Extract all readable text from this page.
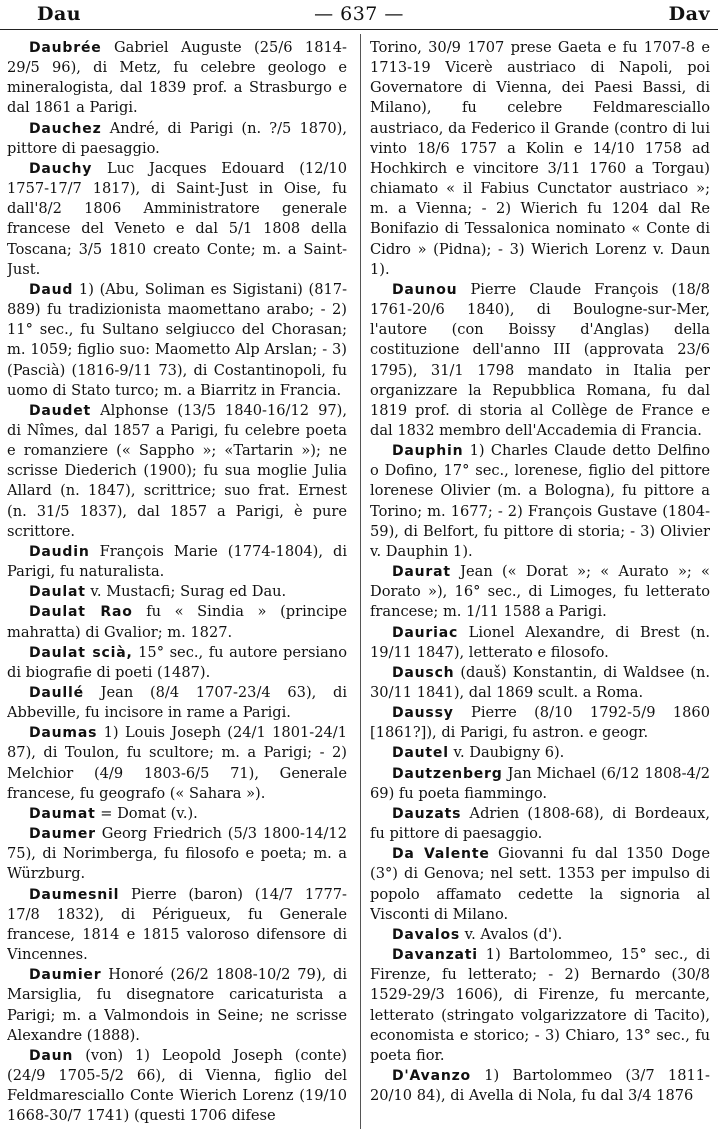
Dau	— 637 —	Dav

Daubrée Gabriel Auguste (25/6 1814-29/5 96), di Metz, fu celebre geologo e mineralogista, dal 1839 prof. a Strasburgo e dal 1861 a Parigi.

Dauchez André, di Parigi (n. ?/5 1870), pittore di paesaggio.

Dauchy Luc Jacques Edouard (12/10 1757-17/7 1817), di Saint-Just in Oise, fu dall'8/2 1806 Amministratore generale francese del Veneto e dal 5/1 1808 della Toscana; 3/5 1810 creato Conte; m. a Saint-Just.

Daud 1) (Abu, Soliman es Sigistani) (817-889) fu tradizionista maomettano arabo; - 2) 11° sec., fu Sultano selgiucco del Chorasan; m. 1059; figlio suo: Maometto Alp Arslan; - 3) (Pascià) (1816-9/11 73), di Costantinopoli, fu uomo di Stato turco; m. a Biarritz in Francia.

Daudet Alphonse (13/5 1840-16/12 97), di Nîmes, dal 1857 a Parigi, fu celebre poeta e romanziere (« Sappho »; «Tartarin »); ne scrisse Diederich (1900); fu sua moglie Julia Allard (n. 1847), scrittrice; suo frat. Ernest (n. 31/5 1837), dal 1857 a Parigi, è pure scrittore.

Daudin François Marie (1774-1804), di Parigi, fu naturalista.

Daulat v. Mustacfi; Surag ed Dau.

Daulat Rao fu « Sindia » (principe mahratta) di Gvalior; m. 1827.

Daulat scià, 15° sec., fu autore persiano di biografie di poeti (1487).

Daullé Jean (8/4 1707-23/4 63), di Abbeville, fu incisore in rame a Parigi.

Daumas 1) Louis Joseph (24/1 1801-24/1 87), di Toulon, fu scultore; m. a Parigi; - 2) Melchior (4/9 1803-6/5 71), Generale francese, fu geografo (« Sahara »).

Daumat = Domat (v.).

Daumer Georg Friedrich (5/3 1800-14/12 75), di Norimberga, fu filosofo e poeta; m. a Würzburg.

Daumesnil Pierre (baron) (14/7 1777-17/8 1832), di Périgueux, fu Generale francese, 1814 e 1815 valoroso difensore di Vincennes.

Daumier Honoré (26/2 1808-10/2 79), di Marsiglia, fu disegnatore caricaturista a Parigi; m. a Valmondois in Seine; ne scrisse Alexandre (1888).

Daun (von) 1) Leopold Joseph (conte) (24/9 1705-5/2 66), di Vienna, figlio del Feldmaresciallo Conte Wierich Lorenz (19/10 1668-30/7 1741) (questi 1706 difese

Torino, 30/9 1707 prese Gaeta e fu 1707-8 e 1713-19 Vicerè austriaco di Napoli, poi Governatore di Vienna, dei Paesi Bassi, di Milano), fu celebre Feldmaresciallo austriaco, da Federico il Grande (contro di lui vinto 18/6 1757 a Kolin e 14/10 1758 ad Hochkirch e vincitore 3/11 1760 a Torgau) chiamato « il Fabius Cunctator austriaco »; m. a Vienna; - 2) Wierich fu 1204 dal Re Bonifazio di Tessalonica nominato « Conte di Cidro » (Pidna); - 3) Wierich Lorenz v. Daun 1).

Daunou Pierre Claude François (18/8 1761-20/6 1840), di Boulogne-sur-Mer, l'autore (con Boissy d'Anglas) della costituzione dell'anno III (approvata 23/6 1795), 31/1 1798 mandato in Italia per organizzare la Repubblica Romana, fu dal 1819 prof. di storia al Collège de France e dal 1832 membro dell'Accademia di Francia.

Dauphin 1) Charles Claude detto Delfino o Dofino, 17° sec., lorenese, figlio del pittore lorenese Olivier (m. a Bologna), fu pittore a Torino; m. 1677; - 2) François Gustave (1804-59), di Belfort, fu pittore di storia; - 3) Olivier v. Dauphin 1).

Daurat Jean (« Dorat »; « Aurato »; « Dorato »), 16° sec., di Limoges, fu letterato francese; m. 1/11 1588 a Parigi.

Dauriac Lionel Alexandre, di Brest (n. 19/11 1847), letterato e filosofo.

Dausch (dauš) Konstantin, di Waldsee (n. 30/11 1841), dal 1869 scult. a Roma.

Daussy Pierre (8/10 1792-5/9 1860 [1861?]), di Parigi, fu astron. e geogr.

Dautel v. Daubigny 6).

Dautzenberg Jan Michael (6/12 1808-4/2 69) fu poeta fiammingo.

Dauzats Adrien (1808-68), di Bordeaux, fu pittore di paesaggio.

Da Valente Giovanni fu dal 1350 Doge (3°) di Genova; nel sett. 1353 per impulso di popolo affamato cedette la signoria al Visconti di Milano.

Davalos v. Avalos (d').

Davanzati 1) Bartolommeo, 15° sec., di Firenze, fu letterato; - 2) Bernardo (30/8 1529-29/3 1606), di Firenze, fu mercante, letterato (stringato volgarizzatore di Tacito), economista e storico; - 3) Chiaro, 13° sec., fu poeta fior.

D'Avanzo 1) Bartolommeo (3/7 1811-20/10 84), di Avella di Nola, fu dal 3/4 1876
